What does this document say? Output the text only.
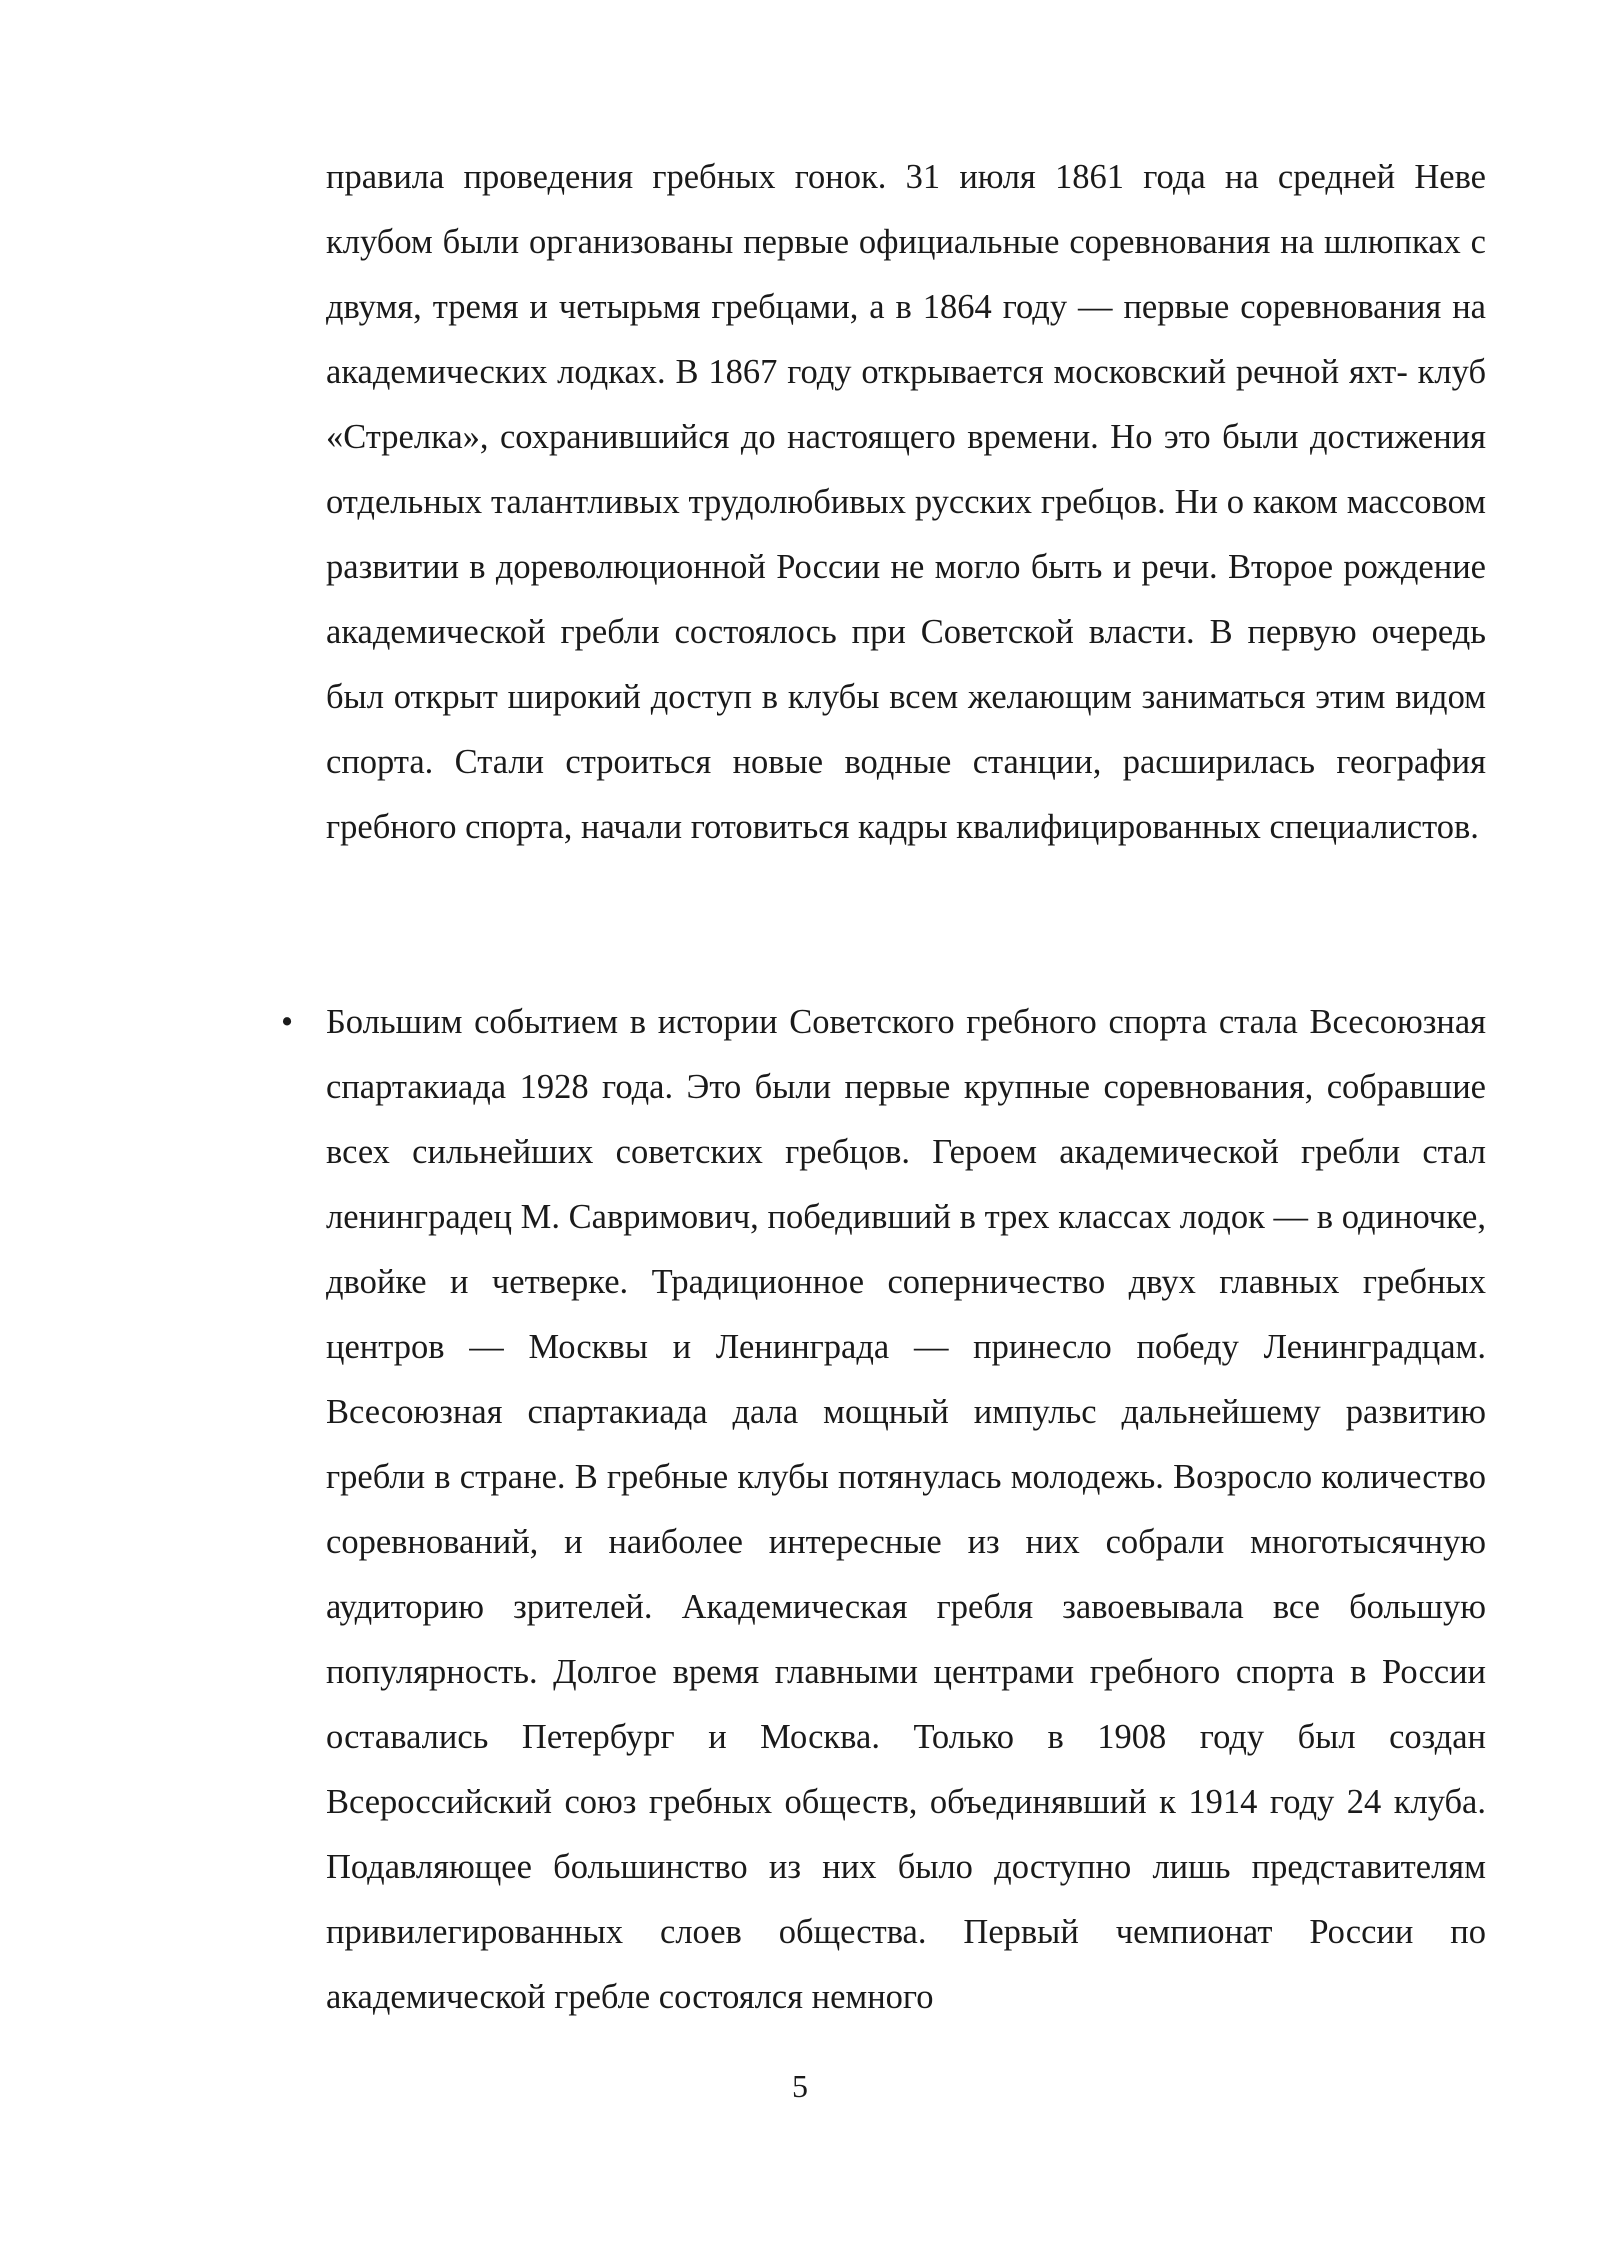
правила проведения гребных гонок. 31 июля 1861 года на средней Неве клубом были организованы первые официальные соревнования на шлюпках с двумя, тремя и четырьмя гребцами, а в 1864 году — первые соревнования на академических лодках. В 1867 году открывается московский речной яхт- клуб «Стрелка», сохранившийся до настоящего времени. Но это были достижения отдельных талантливых трудолюбивых русских гребцов. Ни о каком массовом развитии в дореволюционной России не могло быть и речи. Второе рождение академической гребли состоялось при Советской власти. В первую очередь был открыт широкий доступ в клубы всем желающим заниматься этим видом спорта. Стали строиться новые водные станции, расширилась география гребного спорта, начали готовиться кадры квалифицированных специалистов.

• Большим событием в истории Советского гребного спорта стала Всесоюзная спартакиада 1928 года. Это были первые крупные соревнования, собравшие всех сильнейших советских гребцов. Героем академической гребли стал ленинградец М. Савримович, победивший в трех классах лодок — в одиночке, двойке и четверке. Традиционное соперничество двух главных гребных центров — Москвы и Ленинграда — принесло победу Ленинградцам. Всесоюзная спартакиада дала мощный импульс дальнейшему развитию гребли в стране. В гребные клубы потянулась молодежь. Возросло количество соревнований, и наиболее интересные из них собрали многотысячную аудиторию зрителей. Академическая гребля завоевывала все большую популярность. Долгое время главными центрами гребного спорта в России оставались Петербург и Москва. Только в 1908 году был создан Всероссийский союз гребных обществ, объединявший к 1914 году 24 клуба. Подавляющее большинство из них было доступно лишь представителям привилегированных слоев общества. Первый чемпионат России по академической гребле состоялся немного

5
